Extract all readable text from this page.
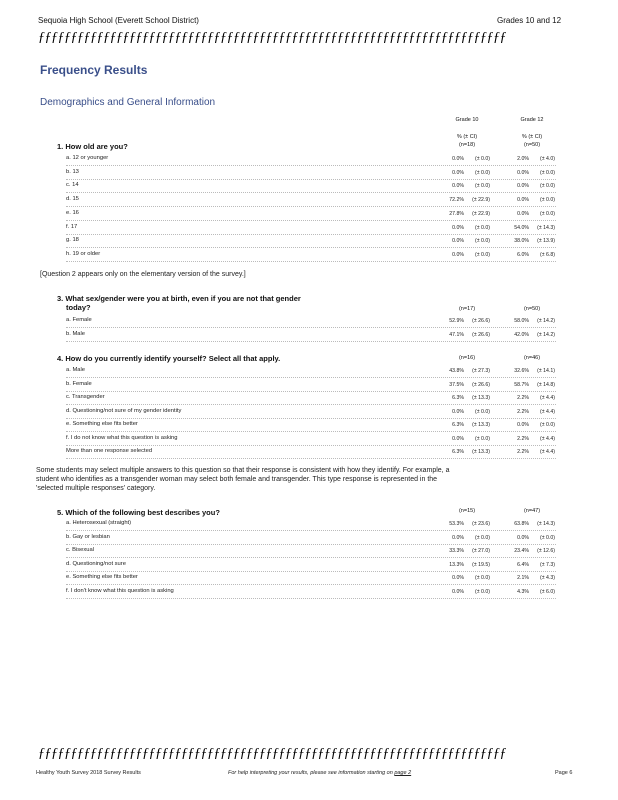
Sequoia High School (Everett School District)	Grades 10 and 12
ƒƒƒƒƒƒƒƒƒƒƒƒƒƒƒƒƒƒƒƒƒƒƒƒƒƒƒƒƒƒƒƒƒƒƒƒƒƒƒƒƒƒƒƒƒƒƒƒƒƒƒƒƒƒƒƒƒƒƒƒƒƒƒƒƒƒƒƒƒƒƒƒ
Frequency Results
Demographics and General Information
Grade 10	Grade 12
% (± CI)	% (± CI)
1. How old are you?	(n=18)	(n=50)
a. 12 or younger	0.0%	(± 0.0)	2.0%	(± 4.0)
b. 13	0.0%	(± 0.0)	0.0%	(± 0.0)
c. 14	0.0%	(± 0.0)	0.0%	(± 0.0)
d. 15	72.2%	(± 22.9)	0.0%	(± 0.0)
e. 16	27.8%	(± 22.9)	0.0%	(± 0.0)
f. 17	0.0%	(± 0.0)	54.0%	(± 14.3)
g. 18	0.0%	(± 0.0)	38.0%	(± 13.9)
h. 19 or older	0.0%	(± 0.0)	6.0%	(± 6.8)
[Question 2 appears only on the elementary version of the survey.]
3. What sex/gender were you at birth, even if you are not that gender
today?	(n=17)	(n=50)
a. Female	52.9%	(± 26.6)	58.0%	(± 14.2)
b. Male	47.1%	(± 26.6)	42.0%	(± 14.2)
4. How do you currently identify yourself? Select all that apply.	(n=16)	(n=46)
a. Male	43.8%	(± 27.3)	32.6%	(± 14.1)
b. Female	37.5%	(± 26.6)	58.7%	(± 14.8)
c. Transgender	6.3%	(± 13.3)	2.2%	(± 4.4)
d. Questioning/not sure of my gender identity	0.0%	(± 0.0)	2.2%	(± 4.4)
e. Something else fits better	6.3%	(± 13.3)	0.0%	(± 0.0)
f. I do not know what this question is asking	0.0%	(± 0.0)	2.2%	(± 4.4)
More than one response selected	6.3%	(± 13.3)	2.2%	(± 4.4)
Some students may select multiple answers to this question so that their response is consistent with how they identify. For example, a
student who identifies as a transgender woman may select both female and transgender. This type response is represented in the
'selected multiple responses' category.
5. Which of the following best describes you?	(n=15)	(n=47)
a. Heterosexual (straight)	53.3%	(± 23.6)	63.8%	(± 14.3)
b. Gay or lesbian	0.0%	(± 0.0)	0.0%	(± 0.0)
c. Bisexual	33.3%	(± 27.0)	23.4%	(± 12.6)
d. Questioning/not sure	13.3%	(± 19.5)	6.4%	(± 7.3)
e. Something else fits better	0.0%	(± 0.0)	2.1%	(± 4.3)
f. I don't know what this question is asking	0.0%	(± 0.0)	4.3%	(± 6.0)
ƒƒƒƒƒƒƒƒƒƒƒƒƒƒƒƒƒƒƒƒƒƒƒƒƒƒƒƒƒƒƒƒƒƒƒƒƒƒƒƒƒƒƒƒƒƒƒƒƒƒƒƒƒƒƒƒƒƒƒƒƒƒƒƒƒƒƒƒƒƒƒƒ
Healthy Youth Survey 2018 Survey Results	For help interpreting your results, please see information starting on page 2	Page 6
